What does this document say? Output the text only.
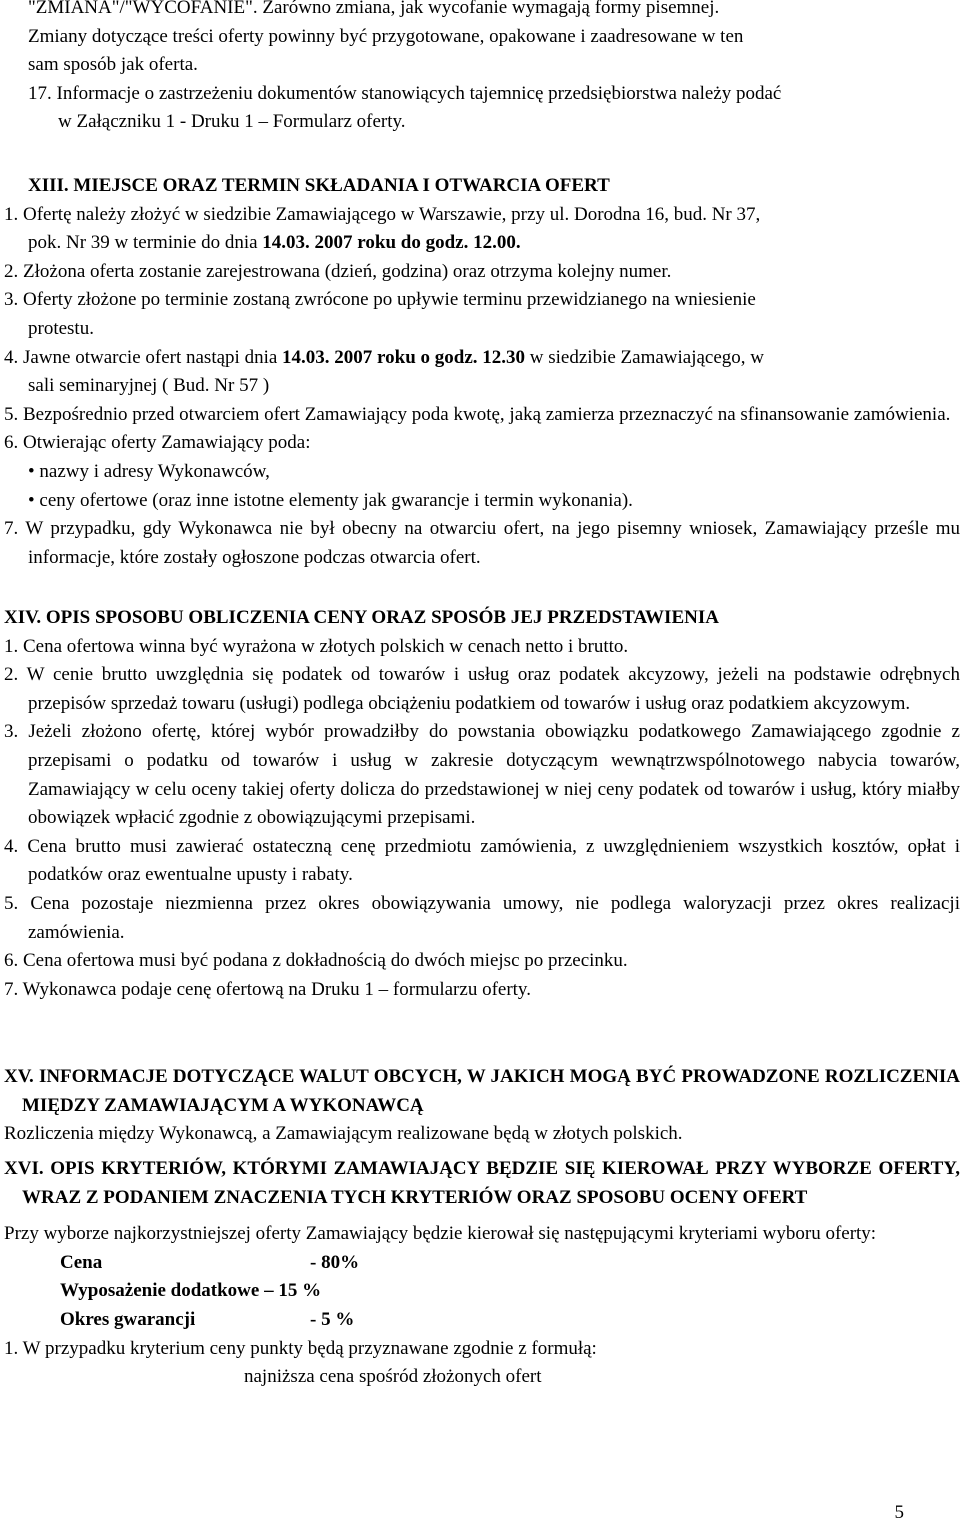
"ZMIANA"/"WYCOFANIE". Zarówno zmiana, jak wycofanie wymagają formy pisemnej.

Zmiany dotyczące treści oferty powinny być przygotowane, opakowane i zaadresowane w ten

sam sposób jak oferta.

17. Informacje o zastrzeżeniu dokumentów stanowiących tajemnicę przedsiębiorstwa należy podać

w Załączniku 1 - Druku 1 – Formularz oferty.

XIII. MIEJSCE ORAZ TERMIN SKŁADANIA I OTWARCIA OFERT

1. Ofertę należy złożyć w siedzibie Zamawiającego w Warszawie, przy ul. Dorodna 16, bud. Nr 37,

pok. Nr 39 w terminie do dnia 14.03. 2007 roku do godz. 12.00.

2. Złożona oferta zostanie zarejestrowana (dzień, godzina) oraz otrzyma kolejny numer.

3. Oferty złożone po terminie zostaną zwrócone po upływie terminu przewidzianego na wniesienie

protestu.

4. Jawne otwarcie ofert nastąpi dnia 14.03. 2007 roku o godz. 12.30 w siedzibie Zamawiającego, w

sali seminaryjnej ( Bud. Nr 57 )

5. Bezpośrednio przed otwarciem ofert Zamawiający poda kwotę, jaką zamierza przeznaczyć na sfinansowanie zamówienia.

6. Otwierając oferty Zamawiający poda:

• nazwy i adresy Wykonawców,

• ceny ofertowe (oraz inne istotne elementy jak gwarancje i termin wykonania).

7. W przypadku, gdy Wykonawca nie był obecny na otwarciu ofert, na jego pisemny wniosek, Zamawiający prześle mu informacje, które zostały ogłoszone podczas otwarcia ofert.

XIV. OPIS SPOSOBU OBLICZENIA CENY ORAZ SPOSÓB JEJ PRZEDSTAWIENIA

1. Cena ofertowa winna być wyrażona w złotych polskich w cenach netto i brutto.

2. W cenie brutto uwzględnia się podatek od towarów i usług oraz podatek akcyzowy, jeżeli na podstawie odrębnych przepisów sprzedaż towaru (usługi) podlega obciążeniu podatkiem od towarów i usług oraz podatkiem akcyzowym.

3. Jeżeli złożono ofertę, której wybór prowadziłby do powstania obowiązku podatkowego Zamawiającego zgodnie z przepisami o podatku od towarów i usług w zakresie dotyczącym wewnątrzwspólnotowego nabycia towarów, Zamawiający w celu oceny takiej oferty dolicza do przedstawionej w niej ceny podatek od towarów i usług, który miałby obowiązek wpłacić zgodnie z obowiązującymi przepisami.

4. Cena brutto musi zawierać ostateczną cenę przedmiotu zamówienia, z uwzględnieniem wszystkich kosztów, opłat i podatków oraz ewentualne upusty i rabaty.

5. Cena pozostaje niezmienna przez okres obowiązywania umowy, nie podlega waloryzacji przez okres realizacji zamówienia.

6. Cena ofertowa musi być podana z dokładnością do dwóch miejsc po przecinku.

7. Wykonawca podaje cenę ofertową na Druku 1 – formularzu oferty.

XV. INFORMACJE DOTYCZĄCE WALUT OBCYCH, W JAKICH MOGĄ BYĆ PROWADZONE ROZLICZENIA MIĘDZY ZAMAWIAJĄCYM A WYKONAWCĄ

Rozliczenia między Wykonawcą, a Zamawiającym realizowane będą w złotych polskich.

XVI. OPIS KRYTERIÓW, KTÓRYMI ZAMAWIAJĄCY BĘDZIE SIĘ KIEROWAŁ PRZY WYBORZE OFERTY, WRAZ Z PODANIEM ZNACZENIA TYCH KRYTERIÓW ORAZ SPOSOBU OCENY OFERT

Przy wyborze najkorzystniejszej oferty Zamawiający będzie kierował się następującymi kryteriami wyboru oferty:

Cena	- 80%

Wyposażenie dodatkowe – 15 %

Okres gwarancji	- 5 %

1. W przypadku kryterium ceny punkty będą przyznawane zgodnie z formułą:

najniższa cena spośród złożonych ofert

5
